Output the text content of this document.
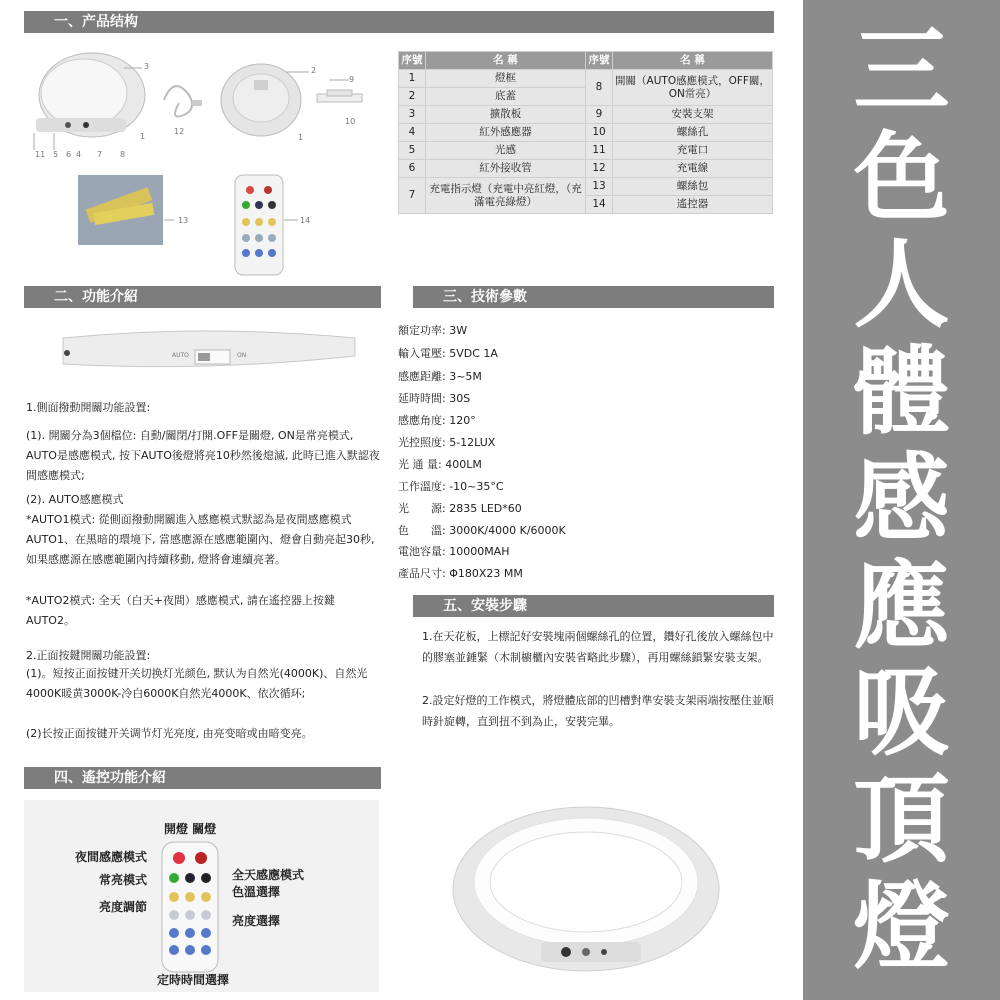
三
色
人
體
感
應
吸
頂
燈
一、产品结构
二、功能介紹	三、技術參數
四、遙控功能介紹
五、安裝步驟
3	2
9
10
12
1
11 5 6 4 7 8
1
13	14
序號	名 稱	序號	名 稱
1	燈框	8	開關（AUTO感應模式，OFF關，ON常亮）
2	底蓋		
3	擴散板	9	安裝支架
4	紅外感應器	10	螺絲孔
5	光感	11	充電口
6	紅外接收管	12	充電線
7	充電指示燈（充電中亮紅燈，（充滿電亮綠燈）	13	螺絲包
		14	遙控器
AUTO	ON
1.側面撥動開關功能設置:
(1). 開關分為3個檔位: 自動/關閉/打開.OFF是關燈, ON是常亮模式, AUTO是感應模式, 按下AUTO後燈將亮10秒然後熄滅, 此時已進入默認夜間感應模式;
(2). AUTO感應模式
*AUTO1模式: 從側面撥動開關進入感應模式默認為是夜間感應模式AUTO1、在黑暗的環境下, 當感應源在感應範圍內、燈會自動亮起30秒, 如果感應源在感應範圍內持續移動, 燈將會連續亮著。
*AUTO2模式: 全天（白天+夜間）感應模式, 請在遙控器上按鍵AUTO2。
2.正面按鍵開關功能設置:
(1)。短按正面按键开关切换灯光颜色, 默认为自然光(4000K)、自然光4000K暖黄3000K-冷白6000K自然光4000K、依次循环;
(2)长按正面按键开关调节灯光亮度, 由亮变暗或由暗变亮。
額定功率: 3W
輸入電壓: 5VDC 1A
感應距離: 3~5M
延時時間: 30S
感應角度: 120°
光控照度: 5-12LUX
光 通 量: 400LM
工作溫度: -10~35°C
光　　源: 2835 LED*60
色　　溫: 3000K/4000 K/6000K
電池容量: 10000MAH
產品尺寸: Φ180X23 MM
1.在天花板，上標記好安裝塊兩個螺絲孔的位置，鑽好孔後放入螺絲包中的膠塞並錘緊（木制櫥櫃內安裝省略此步驟），再用螺絲鎖緊安裝支架。
2.設定好燈的工作模式，將燈體底部的凹槽對準安裝支架兩端按壓住並順時針旋轉，直到扭不到為止，安裝完畢。
開燈 關燈
夜間感應模式
常亮模式
亮度調節
全天感應模式
色溫選擇
亮度選擇
定時時間選擇
